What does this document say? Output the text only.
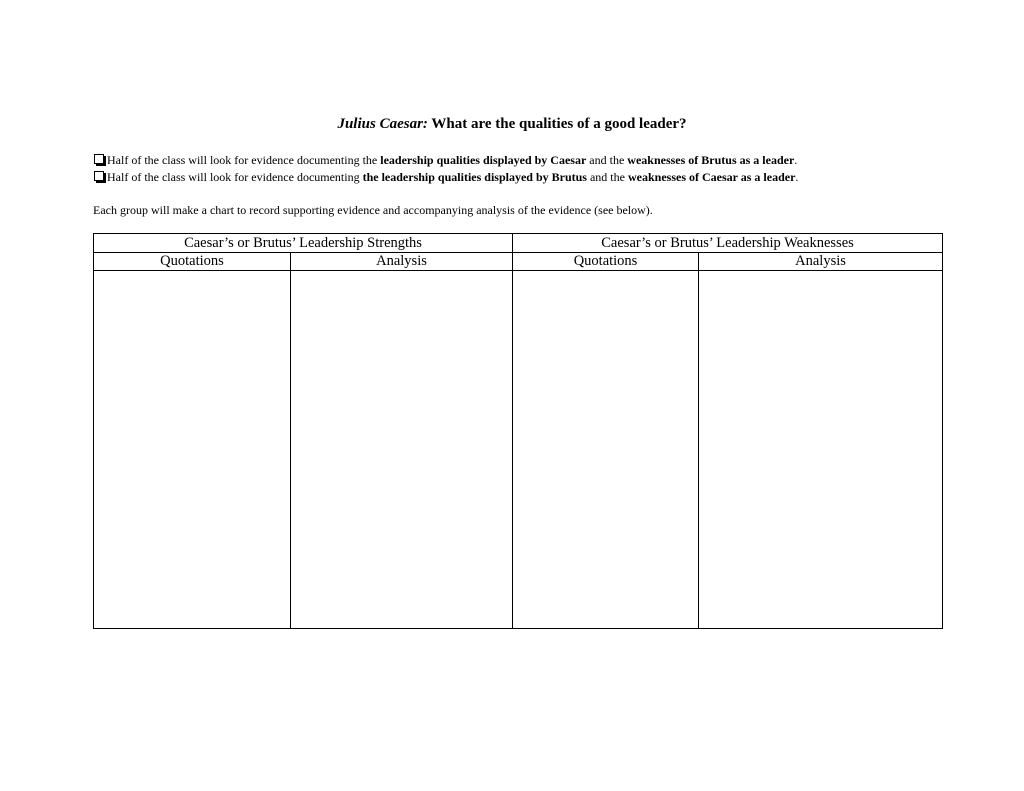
Julius Caesar: What are the qualities of a good leader?
Half of the class will look for evidence documenting the leadership qualities displayed by Caesar and the weaknesses of Brutus as a leader.
Half of the class will look for evidence documenting the leadership qualities displayed by Brutus and the weaknesses of Caesar as a leader.
Each group will make a chart to record supporting evidence and accompanying analysis of the evidence (see below).
Caesar’s or Brutus’ Leadership Strengths		Caesar’s or Brutus’ Leadership Weaknesses	
Quotations	Analysis	Quotations	Analysis
